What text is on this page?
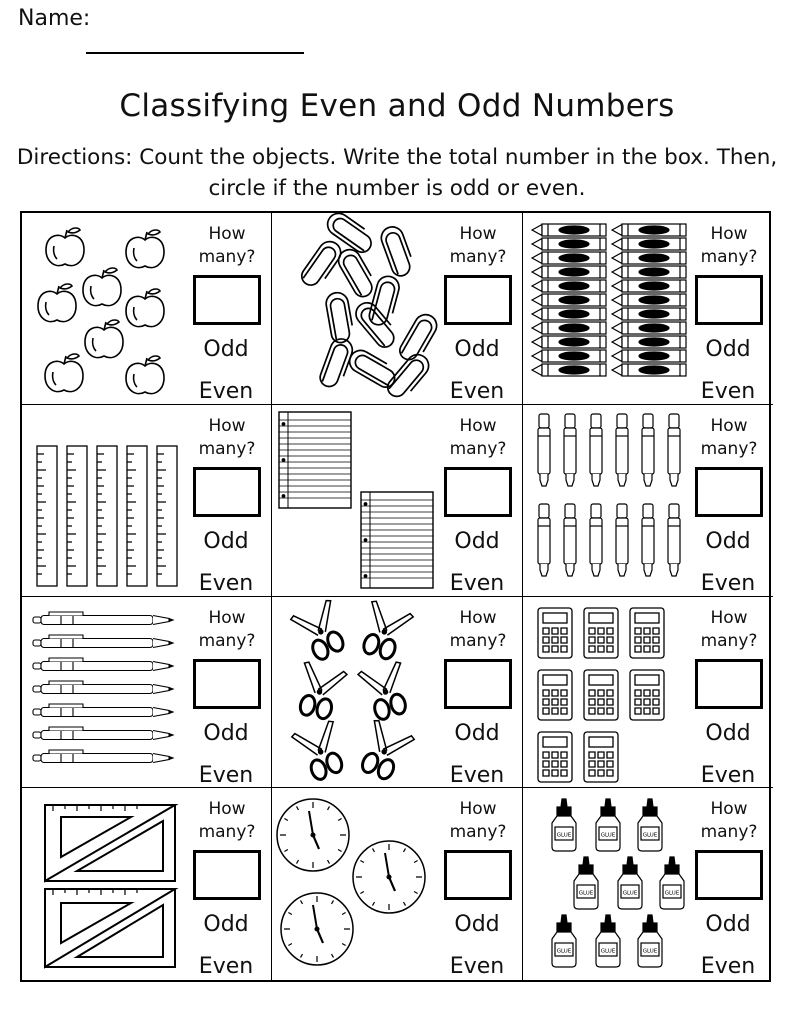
Name:
Classifying Even and Odd Numbers
Directions: Count the objects. Write the total number in the box. Then, circle if the number is odd or even.
How many?
Odd
Even
How many?
Odd
Even
How many?
Odd
Even
How many?
Odd
Even
How many?
Odd
Even
How many?
Odd
Even
How many?
Odd
Even
How many?
Odd
Even
How many?
Odd
Even
How many?
Odd
Even
How many?
Odd
Even
GLUE	How many?
Odd
Even
